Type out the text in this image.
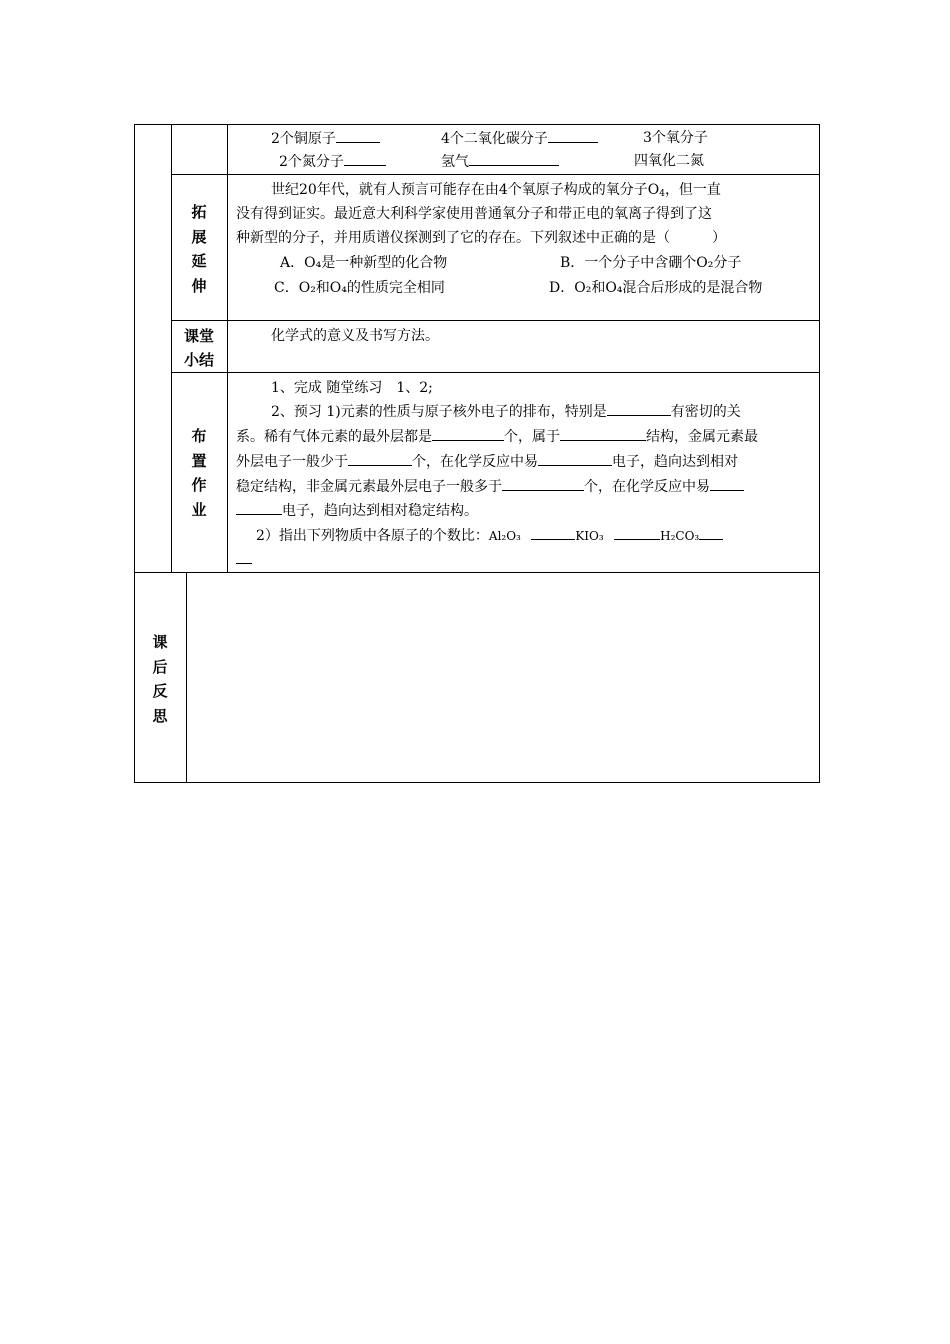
2个铜原子	4个二氧化碳分子	3个氧分子
2个氮分子	氢气	四氧化二氮
拓
展
延
伸
世纪20年代，就有人预言可能存在由4个氧原子构成的氧分子$O_4$，但一直
没有得到证实。最近意大利科学家使用普通氧分子和带正电的氧离子得到了这
种新型的分子，并用质谱仪探测到了它的存在。下列叙述中正确的是（　　　）
A．O₄是一种新型的化合物	B．一个分子中含硼个O₂分子
C．O₂和O₄的性质完全相同	D．O₂和O₄混合后形成的是混合物
课堂
小结
化学式的意义及书写方法。
布
置
作
业
1、完成 随堂练习　1、2;
2、预习 1)元素的性质与原子核外电子的排布，特别是	有密切的关
系。稀有气体元素的最外层都是	个，属于	结构，金属元素最
外层电子一般少于	个，在化学反应中易	电子，趋向达到相对
稳定结构，非金属元素最外层电子一般多于	个，在化学反应中易
电子，趋向达到相对稳定结构。
2）指出下列物质中各原子的个数比：Al₂O₃	KIO₃	H₂CO₃
课
后
反
思
